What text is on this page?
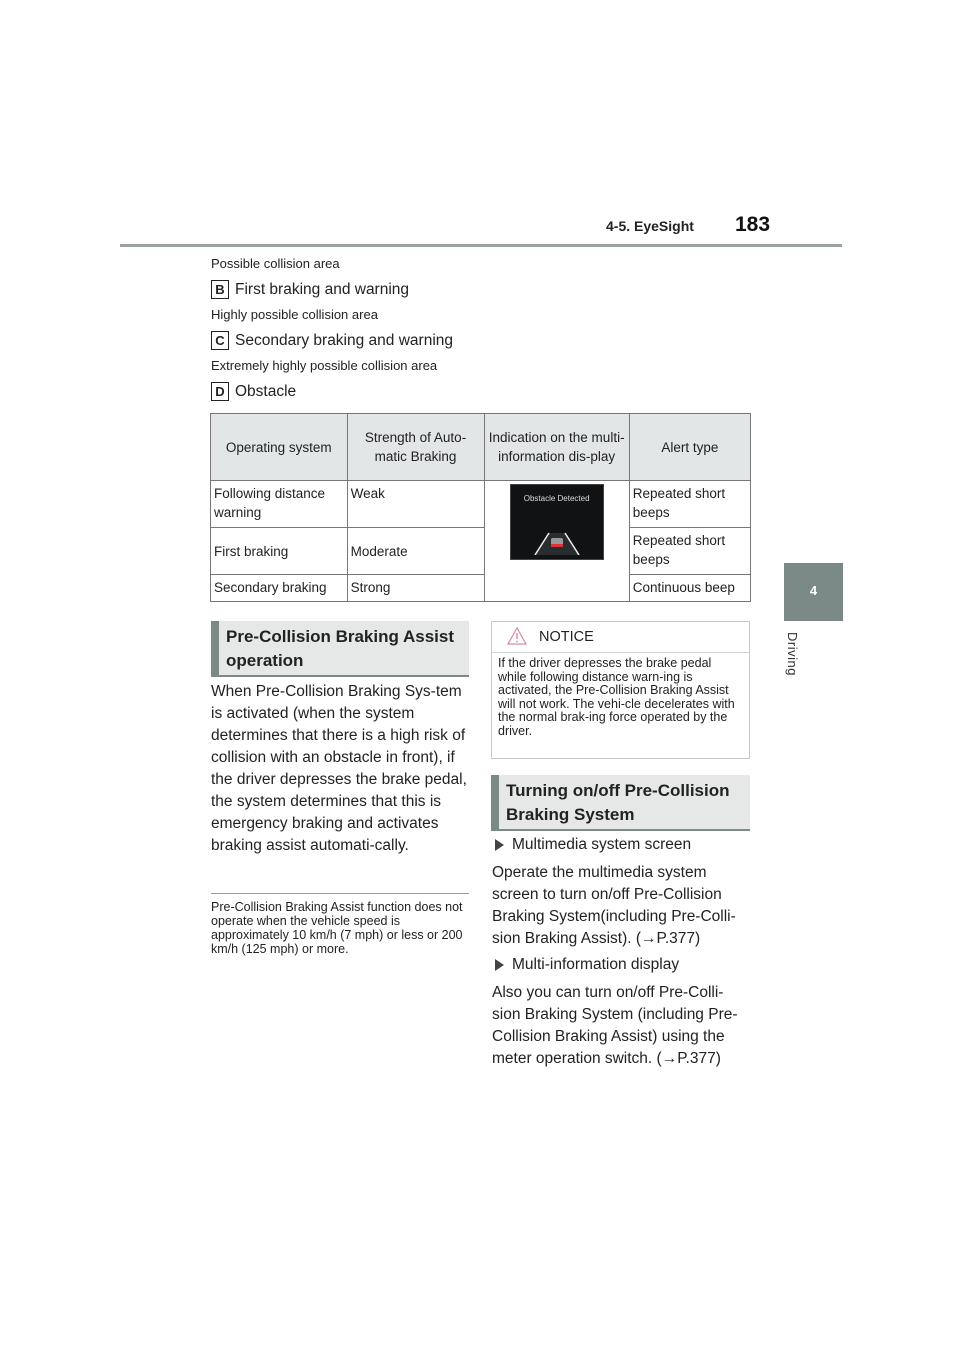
4-5. EyeSight 183
4
Driving
Possible collision area
B First braking and warning
Highly possible collision area
C Secondary braking and warning
Extremely highly possible collision area
D Obstacle
Operating system	Strength of Auto-matic Braking	Indication on the multi-information dis-play	Alert type
Following distance warning	Weak	Obstacle Detected	Repeated short beeps
First braking	Moderate		Repeated short beeps
Secondary braking	Strong		Continuous beep
Pre-Collision Braking Assist operation
When Pre-Collision Braking Sys-tem is activated (when the system determines that there is a high risk of collision with an obstacle in front), if the driver depresses the brake pedal, the system determines that this is emergency braking and activates braking assist automati-cally.
Pre-Collision Braking Assist function does not operate when the vehicle speed is approximately 10 km/h (7 mph) or less or 200 km/h (125 mph) or more.
NOTICE
If the driver depresses the brake pedal while following distance warn-ing is activated, the Pre-Collision Braking Assist will not work. The vehi-cle decelerates with the normal brak-ing force operated by the driver.
Turning on/off Pre-Collision Braking System
Multimedia system screen
Operate the multimedia system screen to turn on/off Pre-Collision Braking System(including Pre-Colli-sion Braking Assist). (→P.377)
Multi-information display
Also you can turn on/off Pre-Colli-sion Braking System (including Pre-Collision Braking Assist) using the meter operation switch. (→P.377)
